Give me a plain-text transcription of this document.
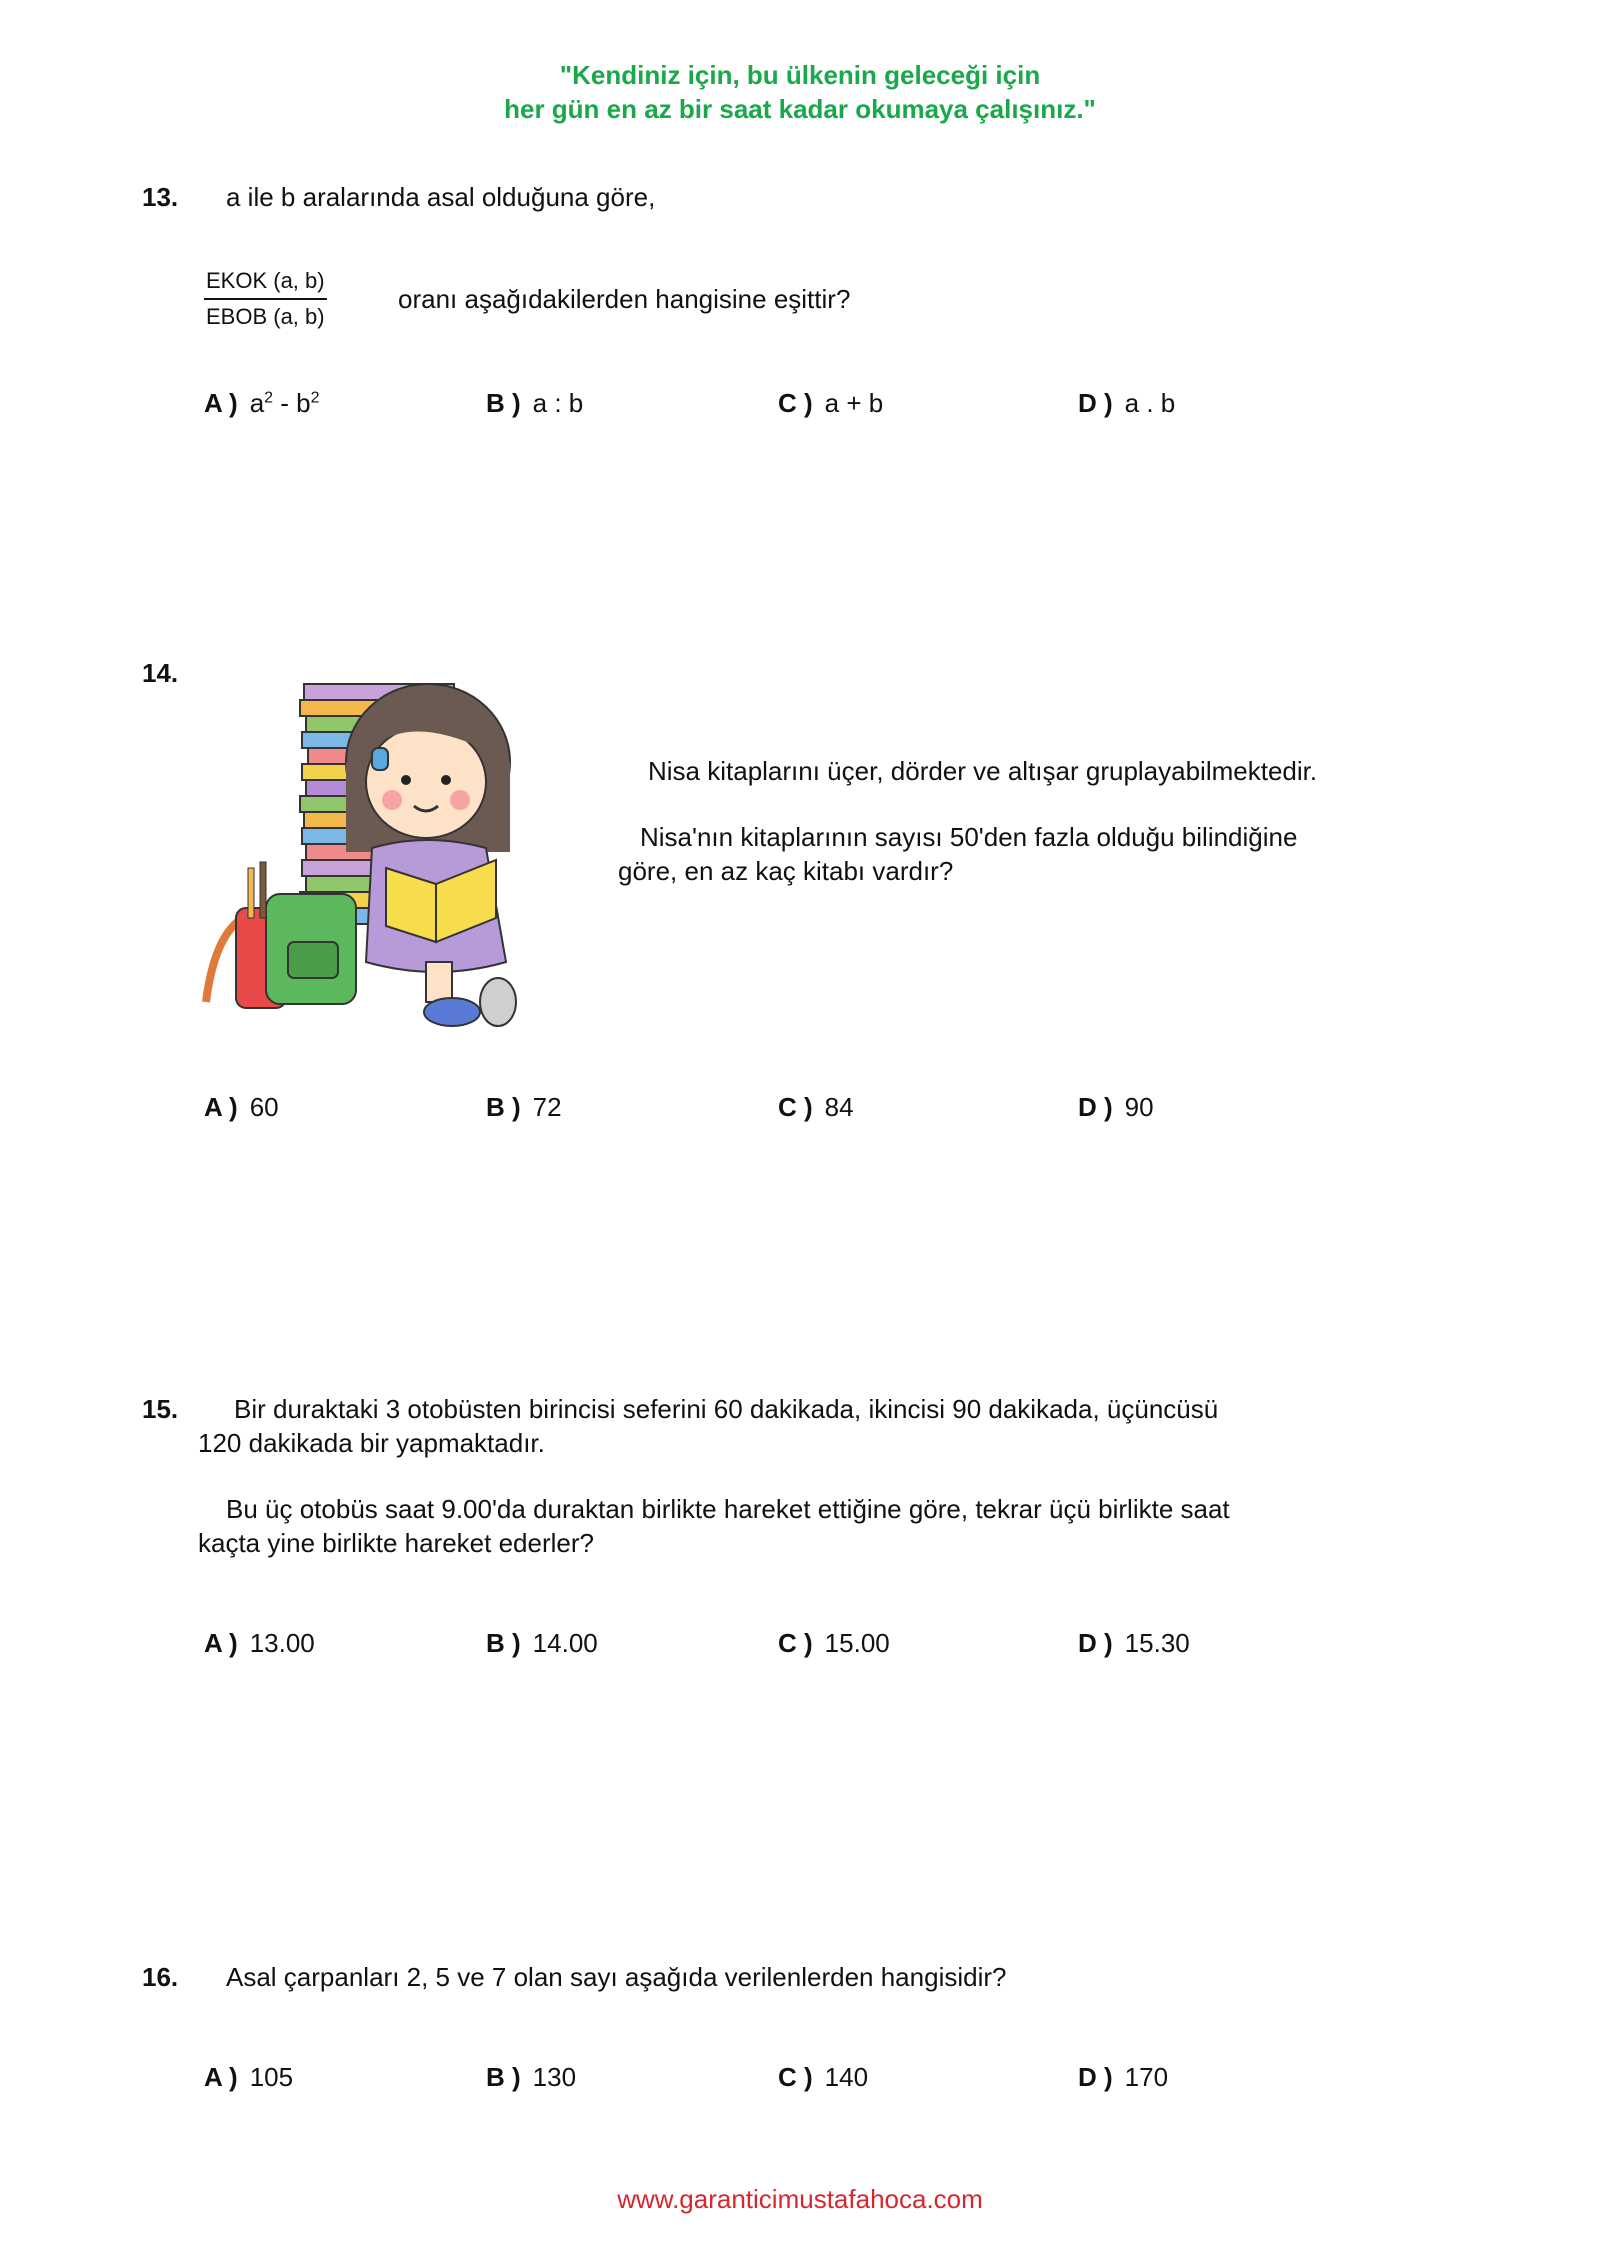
"Kendiniz için, bu ülkenin geleceği için
her gün en az bir saat kadar okumaya çalışınız."
13. a ile b aralarında asal olduğuna göre,
EKOK (a, b)
EBOB (a, b)
oranı aşağıdakilerden hangisine eşittir?
A ) $a^2 - b^2$	B ) a : b	C ) a + b	D ) a . b
14.
Nisa kitaplarını üçer, dörder ve altışar gruplayabilmektedir.
Nisa'nın kitaplarının sayısı 50'den fazla olduğu bilindiğine
göre, en az kaç kitabı vardır?
A ) 60	B ) 72	C ) 84	D ) 90
15. Bir duraktaki 3 otobüsten birincisi seferini 60 dakikada, ikincisi 90 dakikada, üçüncüsü
120 dakikada bir yapmaktadır.
Bu üç otobüs saat 9.00'da duraktan birlikte hareket ettiğine göre, tekrar üçü birlikte saat
kaçta yine birlikte hareket ederler?
A ) 13.00	B ) 14.00	C ) 15.00	D ) 15.30
16. Asal çarpanları 2, 5 ve 7 olan sayı aşağıda verilenlerden hangisidir?
A ) 105	B ) 130	C ) 140	D ) 170
www.garanticimustafahoca.com
